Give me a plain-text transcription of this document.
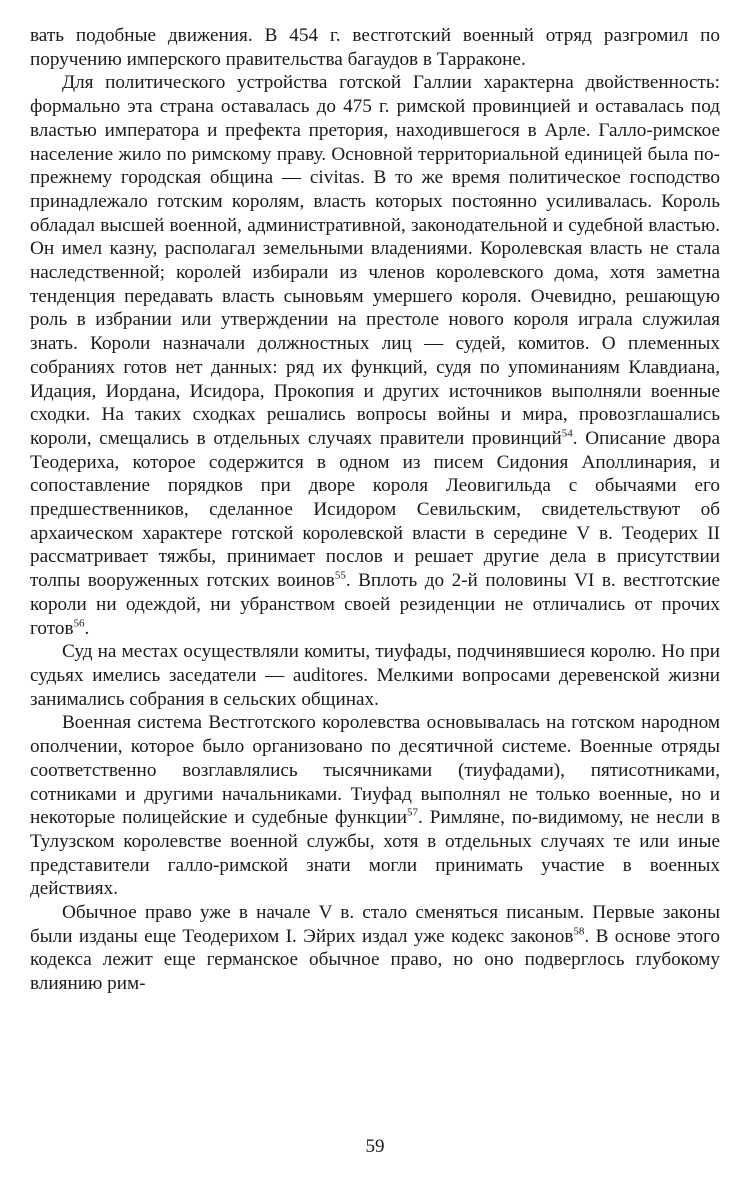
вать подобные движения. В 454 г. вестготский военный отряд разгромил по поручению имперского правительства багаудов в Тарраконе.

Для политического устройства готской Галлии характерна двойственность: формально эта страна оставалась до 475 г. римской провинцией и оставалась под властью императора и префекта претория, находившегося в Арле. Галло-римское население жило по римскому праву. Основной территориальной единицей была по-прежнему городская община — civitas. В то же время политическое господство принадлежало готским королям, власть которых постоянно усиливалась. Король обладал высшей военной, административной, законодательной и судебной властью. Он имел казну, располагал земельными владениями. Королевская власть не стала наследственной; королей избирали из членов королевского дома, хотя заметна тенденция передавать власть сыновьям умершего короля. Очевидно, решающую роль в избрании или утверждении на престоле нового короля играла служилая знать. Короли назначали должностных лиц — судей, комитов. О племенных собраниях готов нет данных: ряд их функций, судя по упоминаниям Клавдиана, Идация, Иордана, Исидора, Прокопия и других источников выполняли военные сходки. На таких сходках решались вопросы войны и мира, провозглашались короли, смещались в отдельных случаях правители провинций$^{54}$. Описание двора Теодериха, которое содержится в одном из писем Сидония Аполлинария, и сопоставление порядков при дворе короля Леовигильда с обычаями его предшественников, сделанное Исидором Севильским, свидетельствуют об архаическом характере готской королевской власти в середине V в. Теодерих II рассматривает тяжбы, принимает послов и решает другие дела в присутствии толпы вооруженных готских воинов$^{55}$. Вплоть до 2-й половины VI в. вестготские короли ни одеждой, ни убранством своей резиденции не отличались от прочих готов$^{56}$.

Суд на местах осуществляли комиты, тиуфады, подчинявшиеся королю. Но при судьях имелись заседатели — auditores. Мелкими вопросами деревенской жизни занимались собрания в сельских общинах.

Военная система Вестготского королевства основывалась на готском народном ополчении, которое было организовано по десятичной системе. Военные отряды соответственно возглавлялись тысячниками (тиуфадами), пятисотниками, сотниками и другими начальниками. Тиуфад выполнял не только военные, но и некоторые полицейские и судебные функции$^{57}$. Римляне, по-видимому, не несли в Тулузском королевстве военной службы, хотя в отдельных случаях те или иные представители галло-римской знати могли принимать участие в военных действиях.

Обычное право уже в начале V в. стало сменяться писаным. Первые законы были изданы еще Теодерихом I. Эйрих издал уже кодекс законов$^{58}$. В основе этого кодекса лежит еще германское обычное право, но оно подверглось глубокому влиянию рим-

59
